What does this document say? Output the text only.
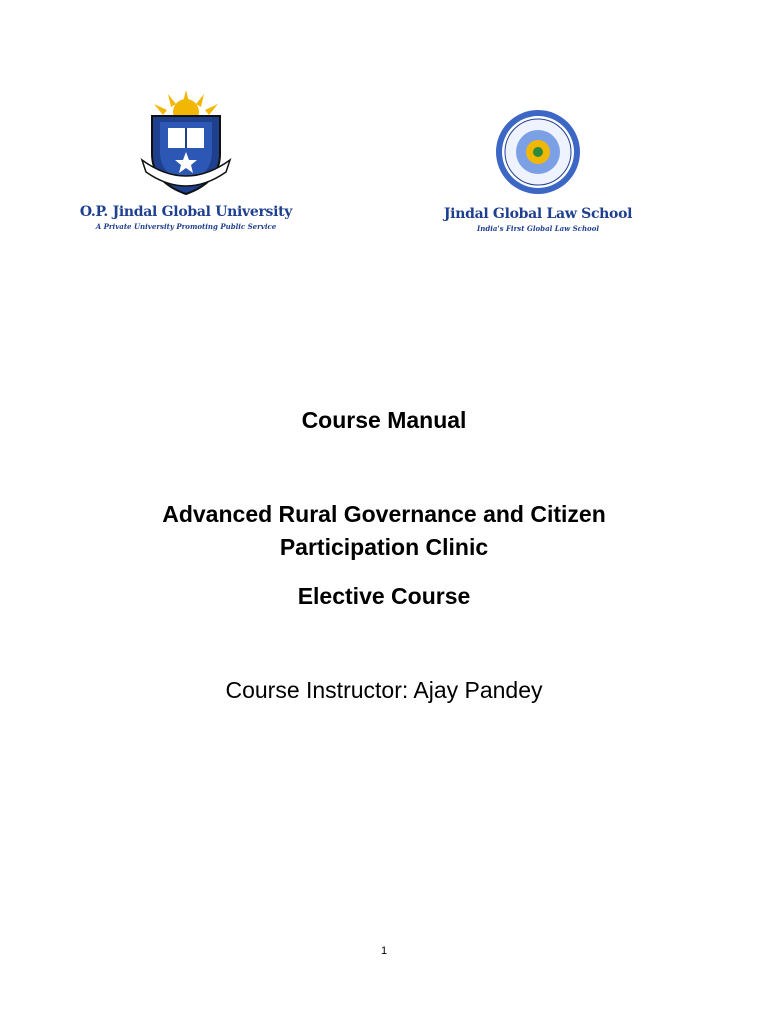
O.P. Jindal Global University
A Private University Promoting Public Service
Jindal Global Law School
India's First Global Law School
Course Manual
Advanced Rural Governance and Citizen
Participation Clinic
Elective Course
Course Instructor: Ajay Pandey
1
